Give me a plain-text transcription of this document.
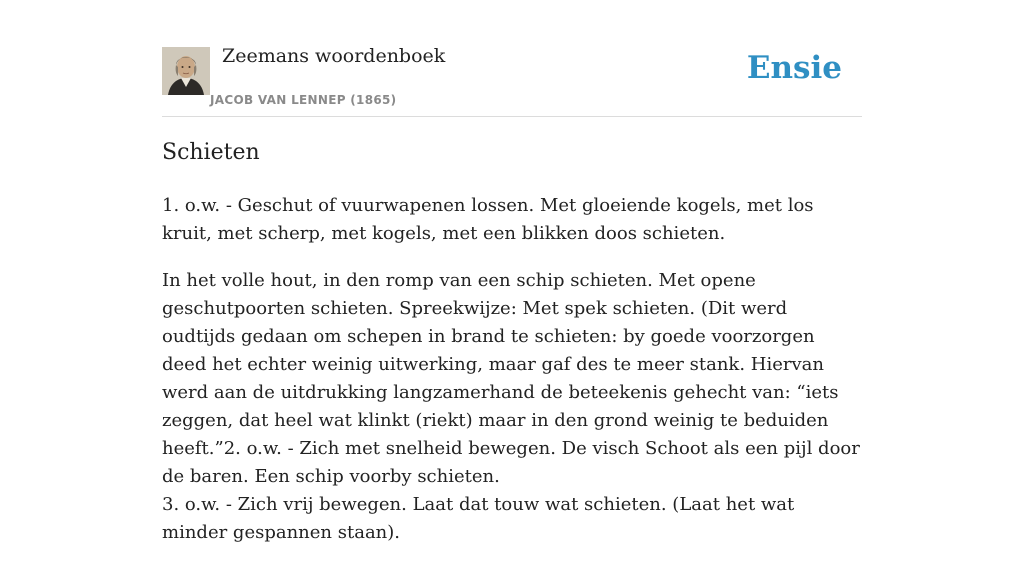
Zeemans woordenboek
JACOB VAN LENNEP (1865)
Ensie
Schieten

1. o.w. - Geschut of vuurwapenen lossen. Met gloeiende kogels, met los kruit, met scherp, met kogels, met een blikken doos schieten.

In het volle hout, in den romp van een schip schieten. Met opene geschutpoorten schieten. Spreekwijze: Met spek schieten. (Dit werd oudtijds gedaan om schepen in brand te schieten: by goede voorzorgen deed het echter weinig uitwerking, maar gaf des te meer stank. Hiervan werd aan de uitdrukking langzamerhand de beteekenis gehecht van: “iets zeggen, dat heel wat klinkt (riekt) maar in den grond weinig te beduiden heeft.”2. o.w. - Zich met snelheid bewegen. De visch Schoot als een pijl door de baren. Een schip voorby schieten.
3. o.w. - Zich vrij bewegen. Laat dat touw wat schieten. (Laat het wat minder gespannen staan).
